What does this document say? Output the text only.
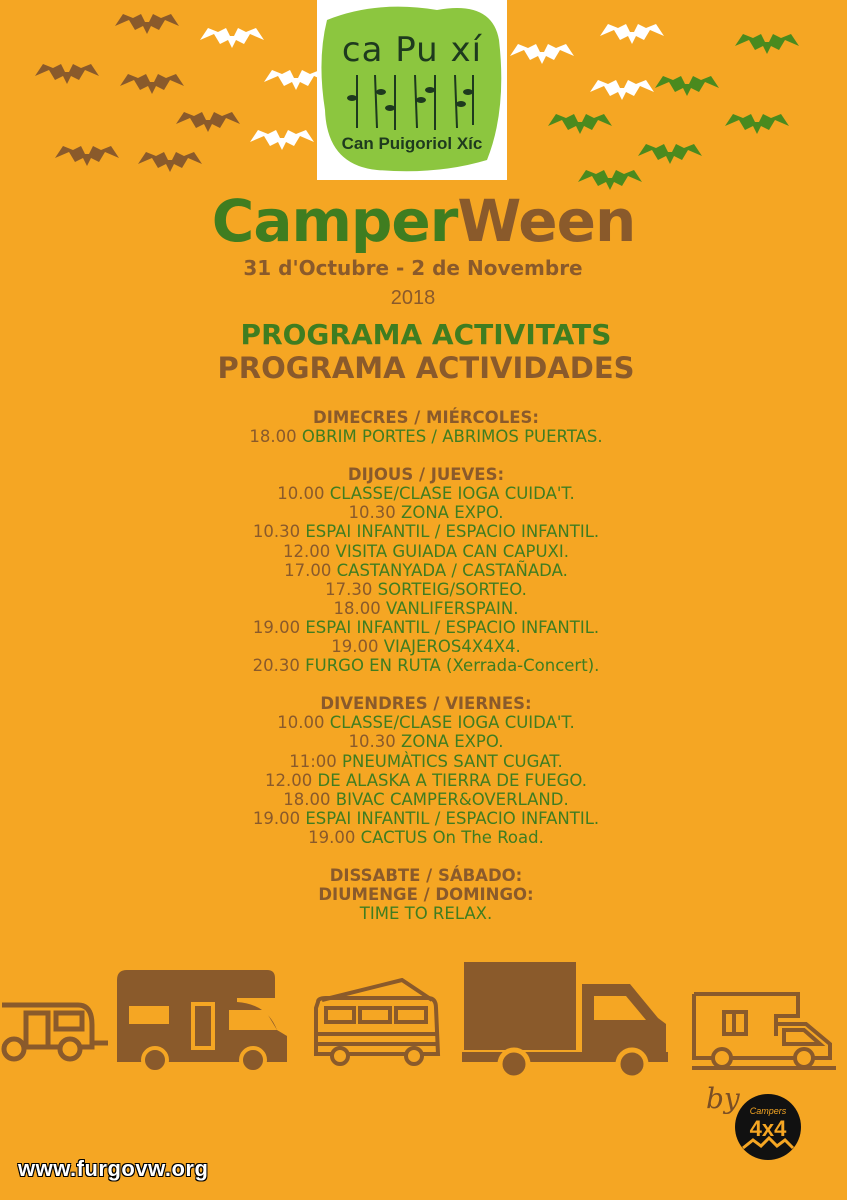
ca Pu xí
Can Puigoriol Xíc
CamperWeen
31 d'Octubre - 2 de Novembre
2018
PROGRAMA ACTIVITATS
PROGRAMA ACTIVIDADES
DIMECRES / MIÉRCOLES:
18.00 OBRIM PORTES / ABRIMOS PUERTAS.
DIJOUS / JUEVES:
10.00 CLASSE/CLASE IOGA CUIDA'T.
10.30 ZONA EXPO.
10.30 ESPAI INFANTIL / ESPACIO INFANTIL.
12.00 VISITA GUIADA CAN CAPUXI.
17.00 CASTANYADA / CASTAÑADA.
17.30 SORTEIG/SORTEO.
18.00 VANLIFERSPAIN.
19.00 ESPAI INFANTIL / ESPACIO INFANTIL.
19.00 VIAJEROS4X4X4.
20.30 FURGO EN RUTA (Xerrada-Concert).
DIVENDRES / VIERNES:
10.00 CLASSE/CLASE IOGA CUIDA'T.
10.30 ZONA EXPO.
11:00 PNEUMÀTICS SANT CUGAT.
12.00 DE ALASKA A TIERRA DE FUEGO.
18.00 BIVAC CAMPER&OVERLAND.
19.00 ESPAI INFANTIL / ESPACIO INFANTIL.
19.00 CACTUS On The Road.
DISSABTE / SÁBADO:
DIUMENGE / DOMINGO:
TIME TO RELAX.
by Campers
4x4
www.furgovw.org
